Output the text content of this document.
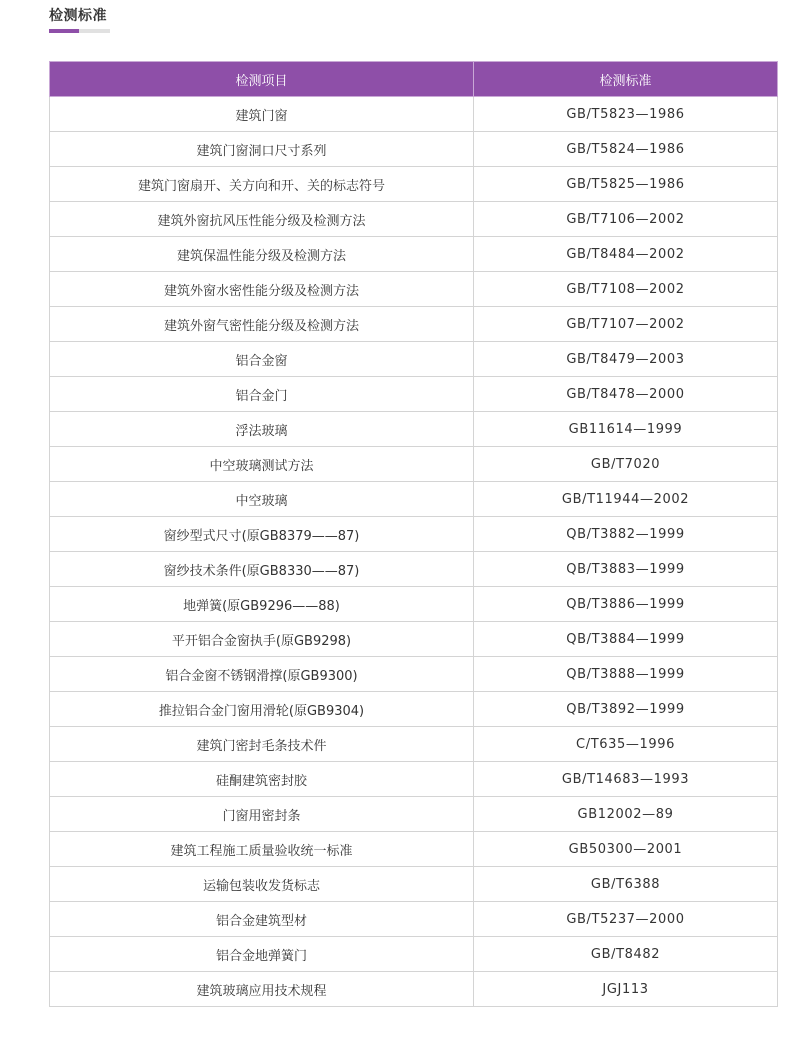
检测标准
检测项目	检测标准
建筑门窗	GB/T5823—1986
建筑门窗洞口尺寸系列	GB/T5824—1986
建筑门窗扇开、关方向和开、关的标志符号	GB/T5825—1986
建筑外窗抗风压性能分级及检测方法	GB/T7106—2002
建筑保温性能分级及检测方法	GB/T8484—2002
建筑外窗水密性能分级及检测方法	GB/T7108—2002
建筑外窗气密性能分级及检测方法	GB/T7107—2002
铝合金窗	GB/T8479—2003
铝合金门	GB/T8478—2000
浮法玻璃	GB11614—1999
中空玻璃测试方法	GB/T7020
中空玻璃	GB/T11944—2002
窗纱型式尺寸(原GB8379——87)	QB/T3882—1999
窗纱技术条件(原GB8330——87)	QB/T3883—1999
地弹簧(原GB9296——88)	QB/T3886—1999
平开铝合金窗执手(原GB9298)	QB/T3884—1999
铝合金窗不锈钢滑撑(原GB9300)	QB/T3888—1999
推拉铝合金门窗用滑轮(原GB9304)	QB/T3892—1999
建筑门密封毛条技术件	C/T635—1996
硅酮建筑密封胶	GB/T14683—1993
门窗用密封条	GB12002—89
建筑工程施工质量验收统一标准	GB50300—2001
运输包装收发货标志	GB/T6388
铝合金建筑型材	GB/T5237—2000
铝合金地弹簧门	GB/T8482
建筑玻璃应用技术规程	JGJ113
